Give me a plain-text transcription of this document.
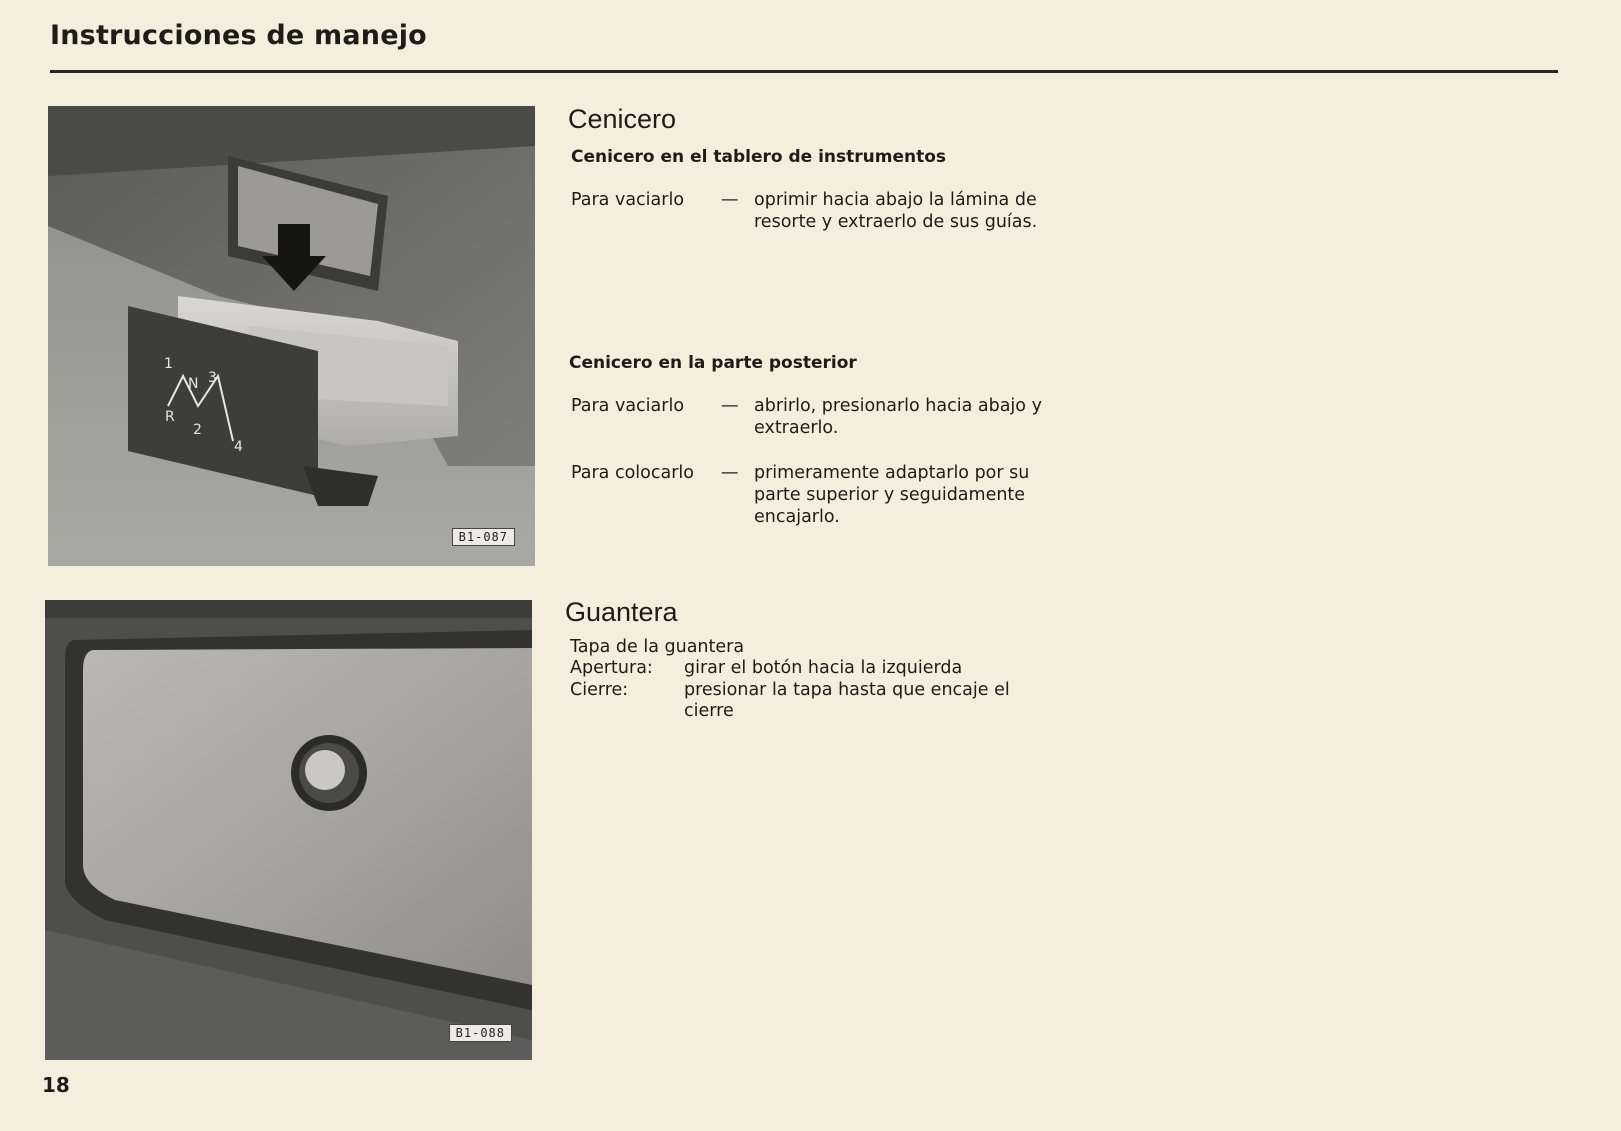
Instrucciones de manejo
1
N 3
R
2
4
B1-087
Cenicero
Cenicero en el tablero de instrumentos
Para vaciarlo — oprimir hacia abajo la lámina de resorte y extraerlo de sus guías.
Cenicero en la parte posterior
Para vaciarlo — abrirlo, presionarlo hacia abajo y extraerlo.
Para colocarlo — primeramente adaptarlo por su parte superior y seguidamente encajarlo.
B1-088
Guantera
Tapa de la guantera
Apertura: girar el botón hacia la izquierda
Cierre:	presionar la tapa hasta que encaje el cierre
18
